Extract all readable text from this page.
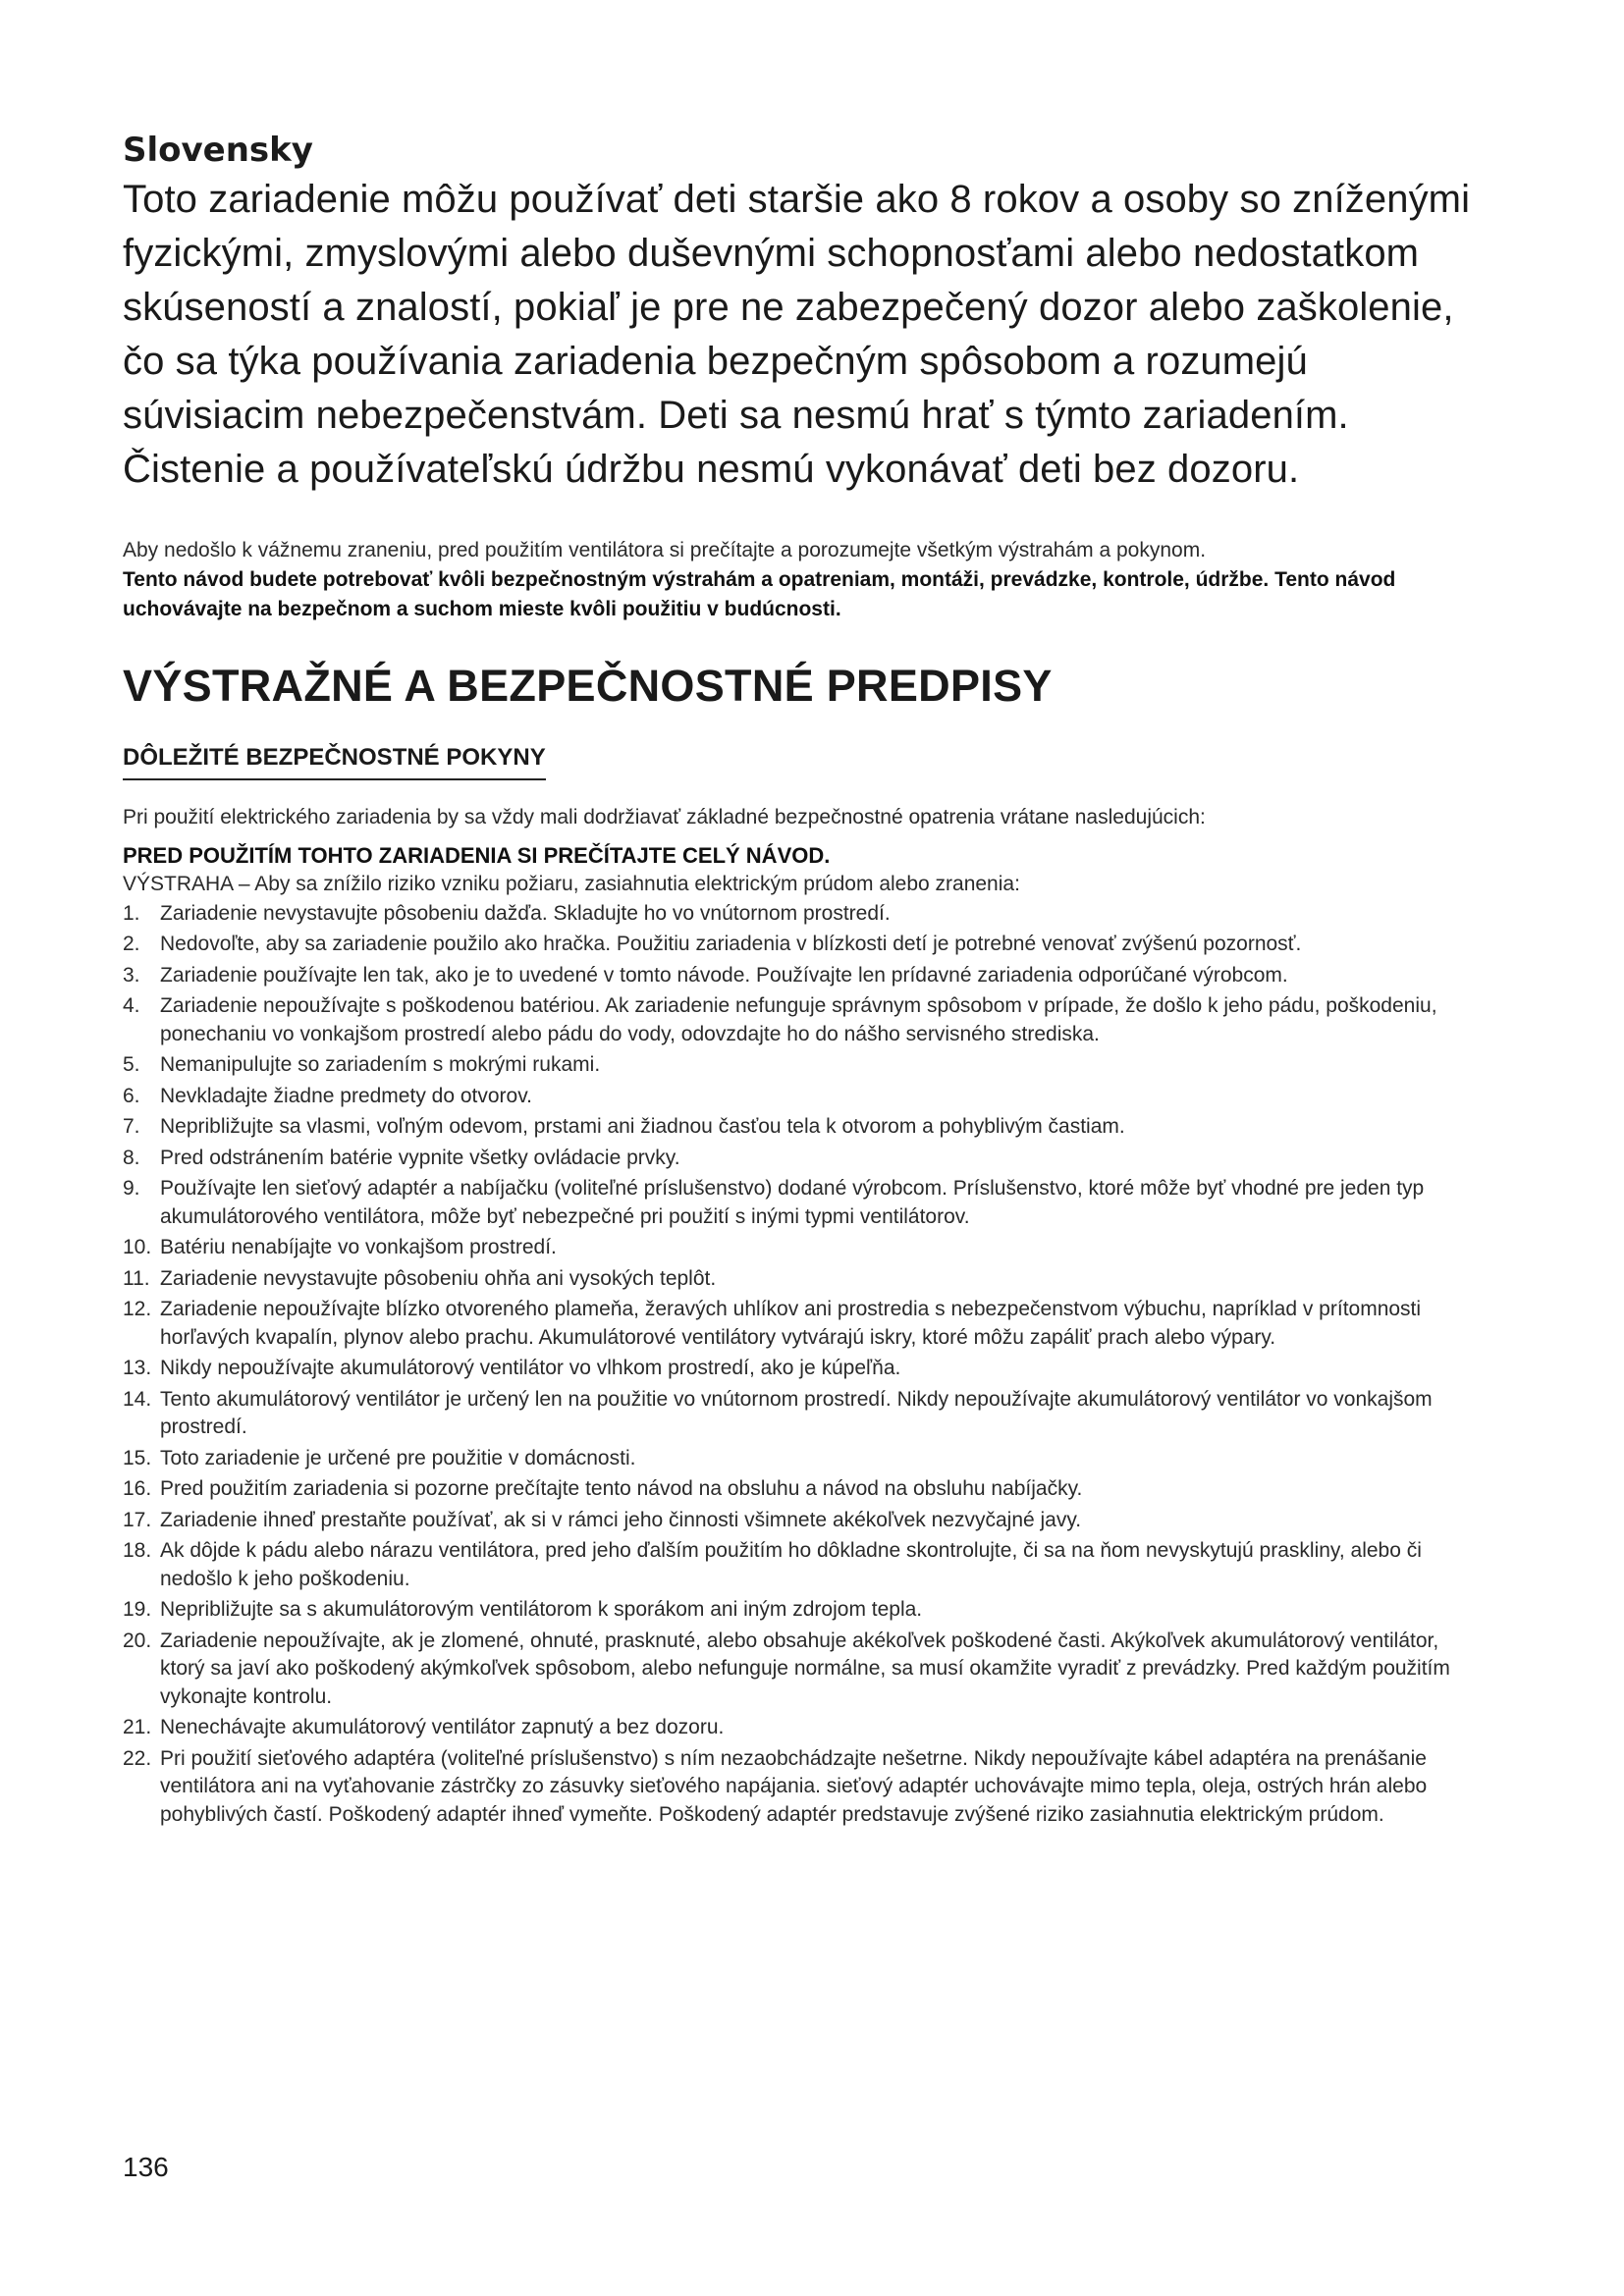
Slovensky

Toto zariadenie môžu používať deti staršie ako 8 rokov a osoby so zníženými fyzickými, zmyslovými alebo duševnými schopnosťami alebo nedostatkom skúseností a znalostí, pokiaľ je pre ne zabezpečený dozor alebo zaškolenie, čo sa týka používania zariadenia bezpečným spôsobom a rozumejú súvisiacim nebezpečenstvám. Deti sa nesmú hrať s týmto zariadením. Čistenie a používateľskú údržbu nesmú vykonávať deti bez dozoru.

Aby nedošlo k vážnemu zraneniu, pred použitím ventilátora si prečítajte a porozumejte všetkým výstrahám a pokynom.

Tento návod budete potrebovať kvôli bezpečnostným výstrahám a opatreniam, montáži, prevádzke, kontrole, údržbe. Tento návod uchovávajte na bezpečnom a suchom mieste kvôli použitiu v budúcnosti.

VÝSTRAŽNÉ A BEZPEČNOSTNÉ PREDPISY
DÔLEŽITÉ BEZPEČNOSTNÉ POKYNY

Pri použití elektrického zariadenia by sa vždy mali dodržiavať základné bezpečnostné opatrenia vrátane nasledujúcich:

PRED POUŽITÍM TOHTO ZARIADENIA SI PREČÍTAJTE CELÝ NÁVOD.

VÝSTRAHA – Aby sa znížilo riziko vzniku požiaru, zasiahnutia elektrickým prúdom alebo zranenia:

1. Zariadenie nevystavujte pôsobeniu dažďa. Skladujte ho vo vnútornom prostredí.
2. Nedovoľte, aby sa zariadenie použilo ako hračka. Použitiu zariadenia v blízkosti detí je potrebné venovať zvýšenú pozornosť.
3. Zariadenie používajte len tak, ako je to uvedené v tomto návode. Používajte len prídavné zariadenia odporúčané výrobcom.
4. Zariadenie nepoužívajte s poškodenou batériou. Ak zariadenie nefunguje správnym spôsobom v prípade, že došlo k jeho pádu, poškodeniu, ponechaniu vo vonkajšom prostredí alebo pádu do vody, odovzdajte ho do nášho servisného strediska.
5. Nemanipulujte so zariadením s mokrými rukami.
6. Nevkladajte žiadne predmety do otvorov.
7. Nepribližujte sa vlasmi, voľným odevom, prstami ani žiadnou časťou tela k otvorom a pohyblivým častiam.
8. Pred odstránením batérie vypnite všetky ovládacie prvky.
9. Používajte len sieťový adaptér a nabíjačku (voliteľné príslušenstvo) dodané výrobcom. Príslušenstvo, ktoré môže byť vhodné pre jeden typ akumulátorového ventilátora, môže byť nebezpečné pri použití s inými typmi ventilátorov.
10. Batériu nenabíjajte vo vonkajšom prostredí.
11. Zariadenie nevystavujte pôsobeniu ohňa ani vysokých teplôt.
12. Zariadenie nepoužívajte blízko otvoreného plameňa, žeravých uhlíkov ani prostredia s nebezpečenstvom výbuchu, napríklad v prítomnosti horľavých kvapalín, plynov alebo prachu. Akumulátorové ventilátory vytvárajú iskry, ktoré môžu zapáliť prach alebo výpary.
13. Nikdy nepoužívajte akumulátorový ventilátor vo vlhkom prostredí, ako je kúpeľňa.
14. Tento akumulátorový ventilátor je určený len na použitie vo vnútornom prostredí. Nikdy nepoužívajte akumulátorový ventilátor vo vonkajšom prostredí.
15. Toto zariadenie je určené pre použitie v domácnosti.
16. Pred použitím zariadenia si pozorne prečítajte tento návod na obsluhu a návod na obsluhu nabíjačky.
17. Zariadenie ihneď prestaňte používať, ak si v rámci jeho činnosti všimnete akékoľvek nezvyčajné javy.
18. Ak dôjde k pádu alebo nárazu ventilátora, pred jeho ďalším použitím ho dôkladne skontrolujte, či sa na ňom nevyskytujú praskliny, alebo či nedošlo k jeho poškodeniu.
19. Nepribližujte sa s akumulátorovým ventilátorom k sporákom ani iným zdrojom tepla.
20. Zariadenie nepoužívajte, ak je zlomené, ohnuté, prasknuté, alebo obsahuje akékoľvek poškodené časti. Akýkoľvek akumulátorový ventilátor, ktorý sa javí ako poškodený akýmkoľvek spôsobom, alebo nefunguje normálne, sa musí okamžite vyradiť z prevádzky. Pred každým použitím vykonajte kontrolu.
21. Nenechávajte akumulátorový ventilátor zapnutý a bez dozoru.
22. Pri použití sieťového adaptéra (voliteľné príslušenstvo) s ním nezaobchádzajte nešetrne. Nikdy nepoužívajte kábel adaptéra na prenášanie ventilátora ani na vyťahovanie zástrčky zo zásuvky sieťového napájania. sieťový adaptér uchovávajte mimo tepla, oleja, ostrých hrán alebo pohyblivých častí. Poškodený adaptér ihneď vymeňte. Poškodený adaptér predstavuje zvýšené riziko zasiahnutia elektrickým prúdom.
136
